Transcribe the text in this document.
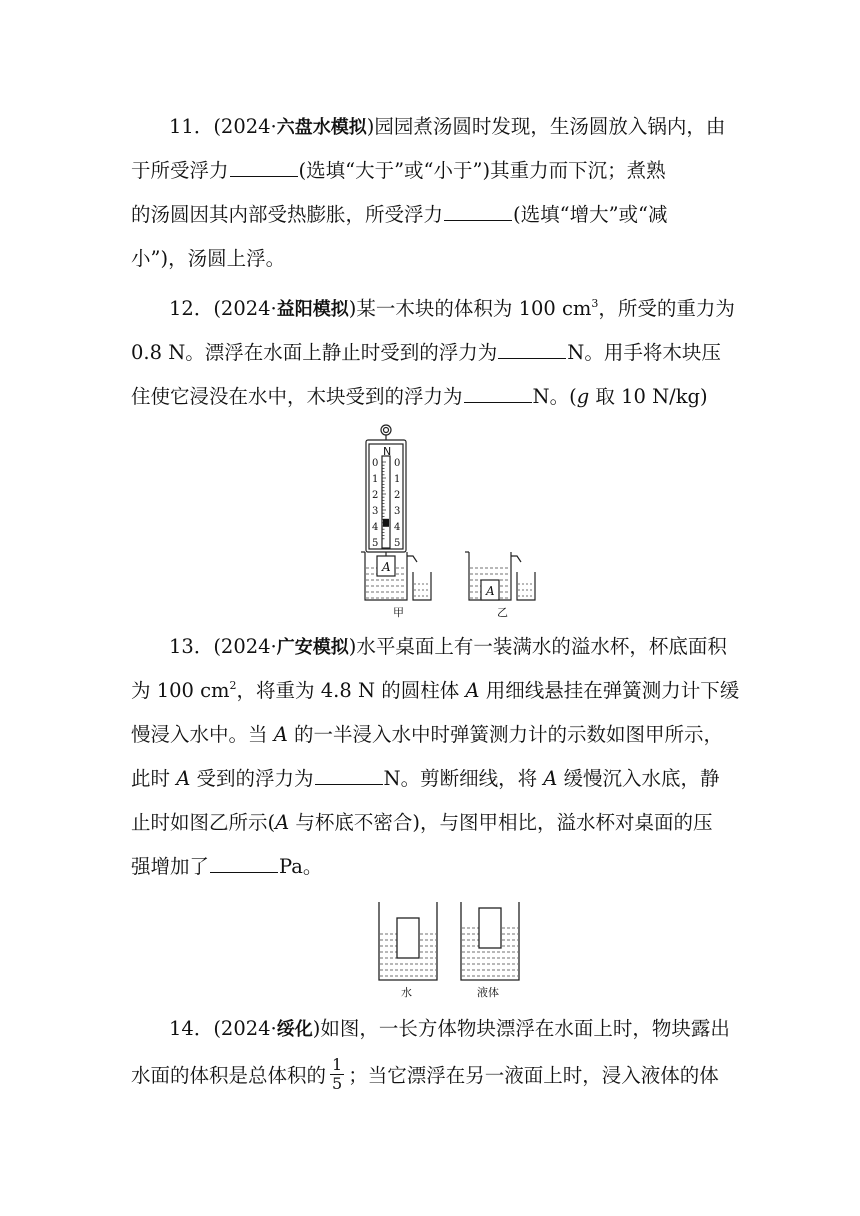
11．(2024·六盘水模拟)园园煮汤圆时发现，生汤圆放入锅内，由
于所受浮力	(选填“大于”或“小于”)其重力而下沉；煮熟
的汤圆因其内部受热膨胀，所受浮力	(选填“增大”或“减
小”)，汤圆上浮。
12．(2024·益阳模拟)某一木块的体积为 100 $cm^3$，所受的重力为
0.8 N。漂浮在水面上静止时受到的浮力为	N。用手将木块压
住使它浸没在水中，木块受到的浮力为	N。(g 取 10 N/kg)
N
0 0
1 1
2 2
3 3
4 4
5 5
A
甲
A
乙
13．(2024·广安模拟)水平桌面上有一装满水的溢水杯，杯底面积
为 100 $cm^2$，将重为 4.8 N 的圆柱体 A 用细线悬挂在弹簧测力计下缓
慢浸入水中。当 A 的一半浸入水中时弹簧测力计的示数如图甲所示，
此时 A 受到的浮力为	N。剪断细线，将 A 缓慢沉入水底，静
止时如图乙所示(A 与杯底不密合)，与图甲相比，溢水杯对桌面的压
强增加了	Pa。
水	液体
14．(2024·绥化)如图，一长方体物块漂浮在水面上时，物块露出
水面的体积是总体积的 $\frac{1}{5}$ ；当它漂浮在另一液面上时，浸入液体的体
